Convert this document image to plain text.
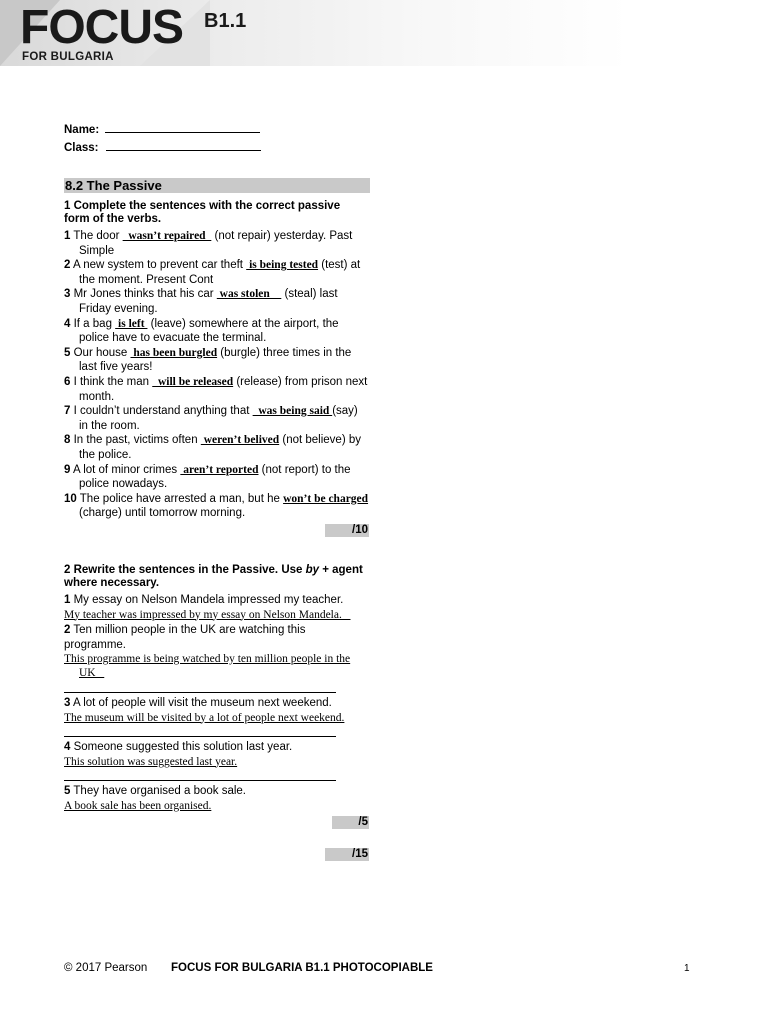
FOCUS B1.1
FOR BULGARIA
Name:
Class:
8.2 The Passive
1 Complete the sentences with the correct passive form of the verbs.
1 The door   wasn’t repaired   (not repair) yesterday. Past Simple
2 A new system to prevent car theft  is being tested (test) at the moment. Present Cont
3 Mr Jones thinks that his car  was stolen     (steal) last Friday evening.
4 If a bag  is left  (leave) somewhere at the airport, the police have to evacuate the terminal.
5 Our house  has been burgled (burgle) three times in the last five years!
6 I think the man   will be released (release) from prison next month.
7 I couldn’t understand anything that   was being said (say) in the room.
8 In the past, victims often  weren’t belived (not believe) by the police.
9 A lot of minor crimes  aren’t reported (not report) to the police nowadays.
10 The police have arrested a man, but he won’t be charged (charge) until tomorrow morning.
/10
2 Rewrite the sentences in the Passive. Use by + agent where necessary.
1 My essay on Nelson Mandela impressed my teacher.
My teacher was impressed by my essay on Nelson Mandela.
2 Ten million people in the UK are watching this programme.
This programme is being watched by ten million people in the
UK
3 A lot of people will visit the museum next weekend.
The museum will be visited by a lot of people next weekend.
4 Someone suggested this solution last year.
This solution was suggested last year.
5 They have organised a book sale.
A book sale has been organised.
/5
/15
© 2017 Pearson FOCUS FOR BULGARIA B1.1 PHOTOCOPIABLE	1
